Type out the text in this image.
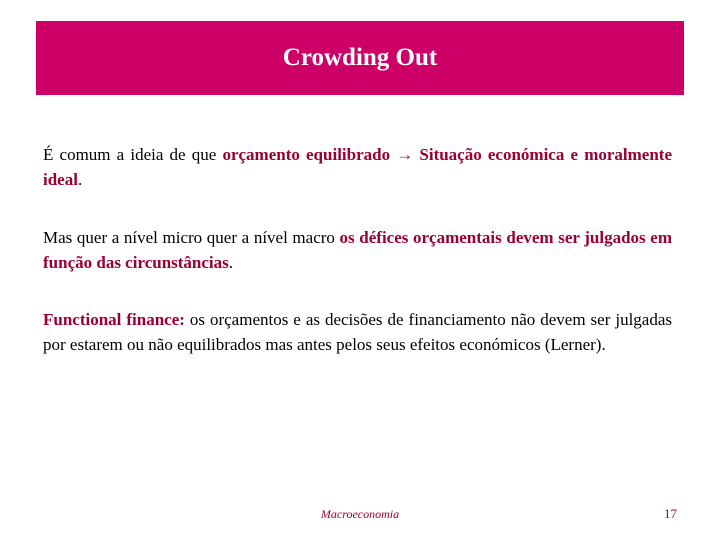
Crowding Out

É comum a ideia de que orçamento equilibrado → Situação económica e moralmente ideal.

Mas quer a nível micro quer a nível macro os défices orçamentais devem ser julgados em função das circunstâncias.

Functional finance: os orçamentos e as decisões de financiamento não devem ser julgadas por estarem ou não equilibrados mas antes pelos seus efeitos económicos (Lerner).

Macroeconomia	17
